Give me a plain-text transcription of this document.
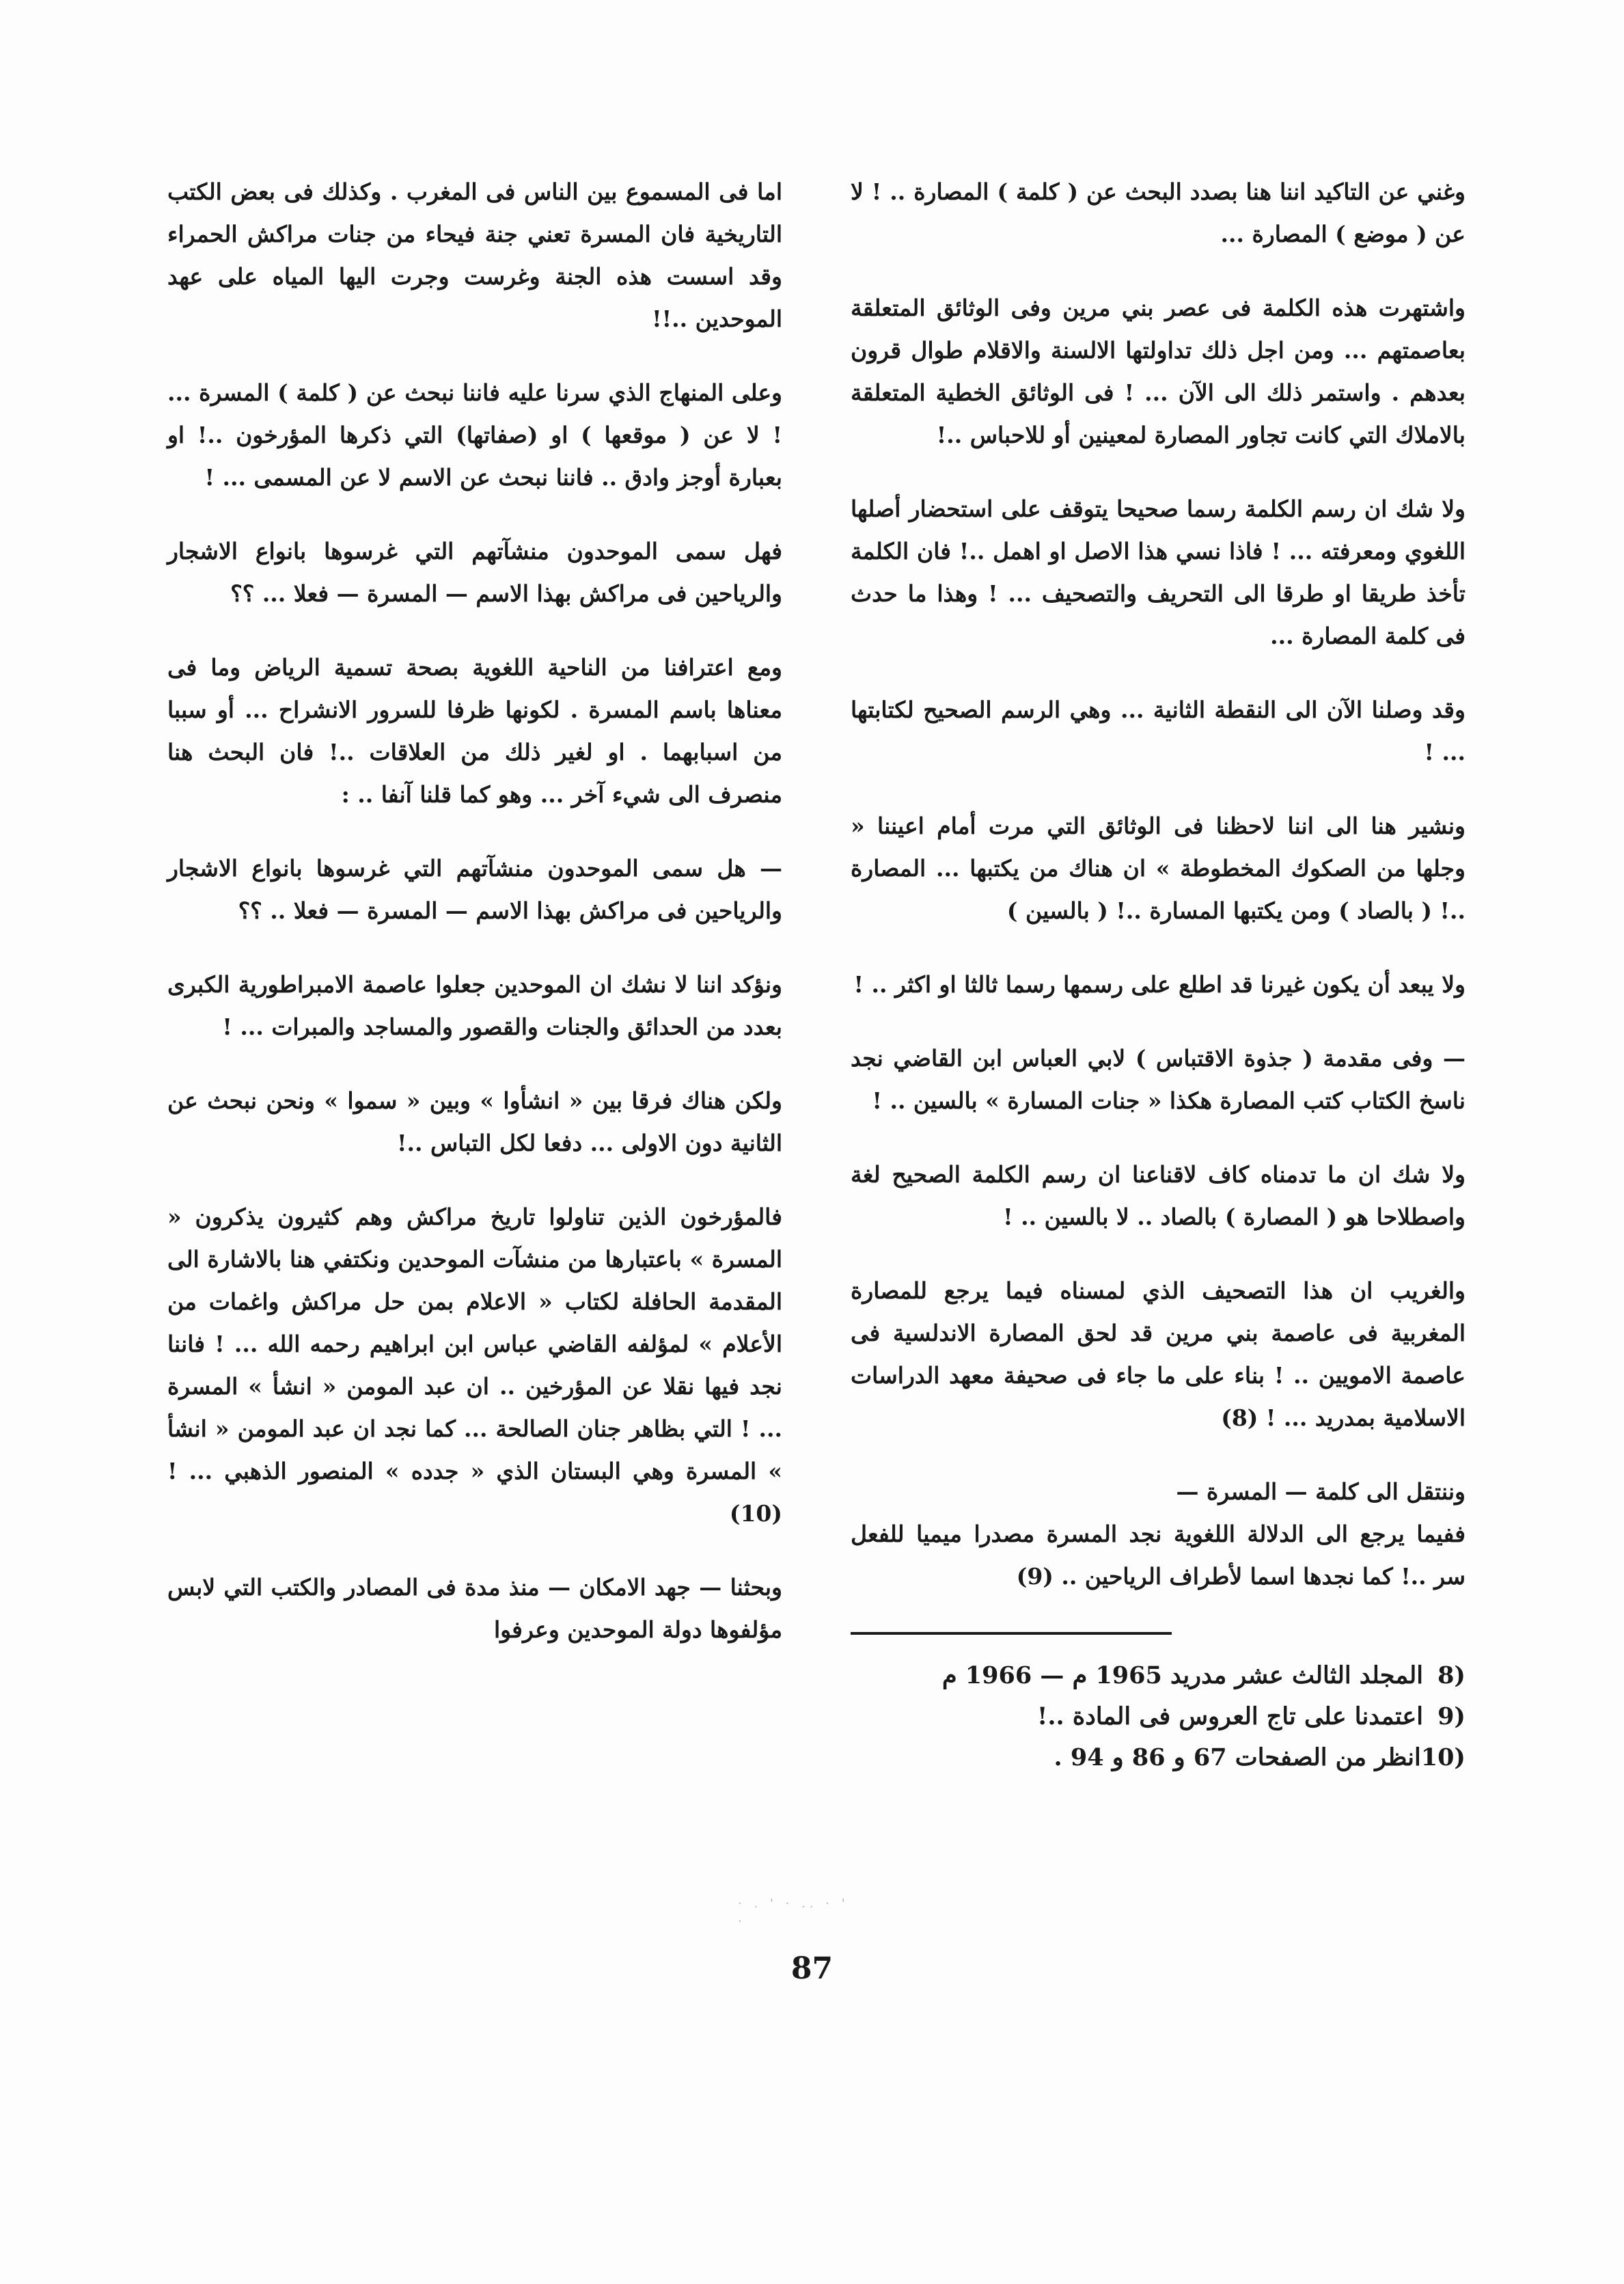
وغني عن التاكيد اننا هنا بصدد البحث عن ( كلمة ) المصارة .. ! لا عن ( موضع ) المصارة ...

واشتهرت هذه الكلمة فى عصر بني مرين وفى الوثائق المتعلقة بعاصمتهم ... ومن اجل ذلك تداولتها الالسنة والاقلام طوال قرون بعدهم . واستمر ذلك الى الآن ... ! فى الوثائق الخطية المتعلقة بالاملاك التي كانت تجاور المصارة لمعينين أو للاحباس ..!

ولا شك ان رسم الكلمة رسما صحيحا يتوقف على استحضار أصلها اللغوي ومعرفته ... ! فاذا نسي هذا الاصل او اهمل ..! فان الكلمة تأخذ طريقا او طرقا الى التحريف والتصحيف ... ! وهذا ما حدث فى كلمة المصارة ...

وقد وصلنا الآن الى النقطة الثانية ... وهي الرسم الصحيح لكتابتها ... !

ونشير هنا الى اننا لاحظنا فى الوثائق التي مرت أمام اعيننا « وجلها من الصكوك المخطوطة » ان هناك من يكتبها ... المصارة ..! ( بالصاد ) ومن يكتبها المسارة ..! ( بالسين )

ولا يبعد أن يكون غيرنا قد اطلع على رسمها رسما ثالثا او اكثر .. !

— وفى مقدمة ( جذوة الاقتباس ) لابي العباس ابن القاضي نجد ناسخ الكتاب كتب المصارة هكذا « جنات المسارة » بالسين .. !

ولا شك ان ما تدمناه كاف لاقناعنا ان رسم الكلمة الصحيح لغة واصطلاحا هو ( المصارة ) بالصاد .. لا بالسين .. !

والغريب ان هذا التصحيف الذي لمسناه فيما يرجع للمصارة المغربية فى عاصمة بني مرين قد لحق المصارة الاندلسية فى عاصمة الامويين .. ! بناء على ما جاء فى صحيفة معهد الدراسات الاسلامية بمدريد ... ! (8)

وننتقل الى كلمة — المسرة —

ففيما يرجع الى الدلالة اللغوية نجد المسرة مصدرا ميميا للفعل سر ..! كما نجدها اسما لأطراف الرياحين .. (9)

8)
المجلد الثالث عشر مدريد 1965 م — 1966 م
9)
اعتمدنا على تاج العروس فى المادة ..!
10)
انظر من الصفحات 67 و 86 و 94 .

اما فى المسموع بين الناس فى المغرب . وكذلك فى بعض الكتب التاريخية فان المسرة تعني جنة فيحاء من جنات مراكش الحمراء وقد اسست هذه الجنة وغرست وجرت اليها المياه على عهد الموحدين ..!!

وعلى المنهاج الذي سرنا عليه فاننا نبحث عن ( كلمة ) المسرة ... ! لا عن ( موقعها ) او (صفاتها) التي ذكرها المؤرخون ..! او بعبارة أوجز وادق .. فاننا نبحث عن الاسم لا عن المسمى ... !

فهل سمى الموحدون منشآتهم التي غرسوها بانواع الاشجار والرياحين فى مراكش بهذا الاسم — المسرة — فعلا ... ؟؟

ومع اعترافنا من الناحية اللغوية بصحة تسمية الرياض وما فى معناها باسم المسرة . لكونها ظرفا للسرور الانشراح ... أو سببا من اسبابهما . او لغير ذلك من العلاقات ..! فان البحث هنا منصرف الى شيء آخر ... وهو كما قلنا آنفا .. :

— هل سمى الموحدون منشآتهم التي غرسوها بانواع الاشجار والرياحين فى مراكش بهذا الاسم — المسرة — فعلا .. ؟؟

ونؤكد اننا لا نشك ان الموحدين جعلوا عاصمة الامبراطورية الكبرى بعدد من الحدائق والجنات والقصور والمساجد والمبرات ... !

ولكن هناك فرقا بين « انشأوا » وبين « سموا » ونحن نبحث عن الثانية دون الاولى ... دفعا لكل التباس ..!

فالمؤرخون الذين تناولوا تاريخ مراكش وهم كثيرون يذكرون « المسرة » باعتبارها من منشآت الموحدين ونكتفي هنا بالاشارة الى المقدمة الحافلة لكتاب « الاعلام بمن حل مراكش واغمات من الأعلام » لمؤلفه القاضي عباس ابن ابراهيم رحمه الله ... ! فاننا نجد فيها نقلا عن المؤرخين .. ان عبد المومن « انشأ » المسرة ... ! التي بظاهر جنان الصالحة ... كما نجد ان عبد المومن « انشأ » المسرة وهي البستان الذي « جدده » المنصور الذهبي ... ! (10)

وبحثنا — جهد الامكان — منذ مدة فى المصادر والكتب التي لابس مؤلفوها دولة الموحدين وعرفوا

· . ' · .. · ' .
87
